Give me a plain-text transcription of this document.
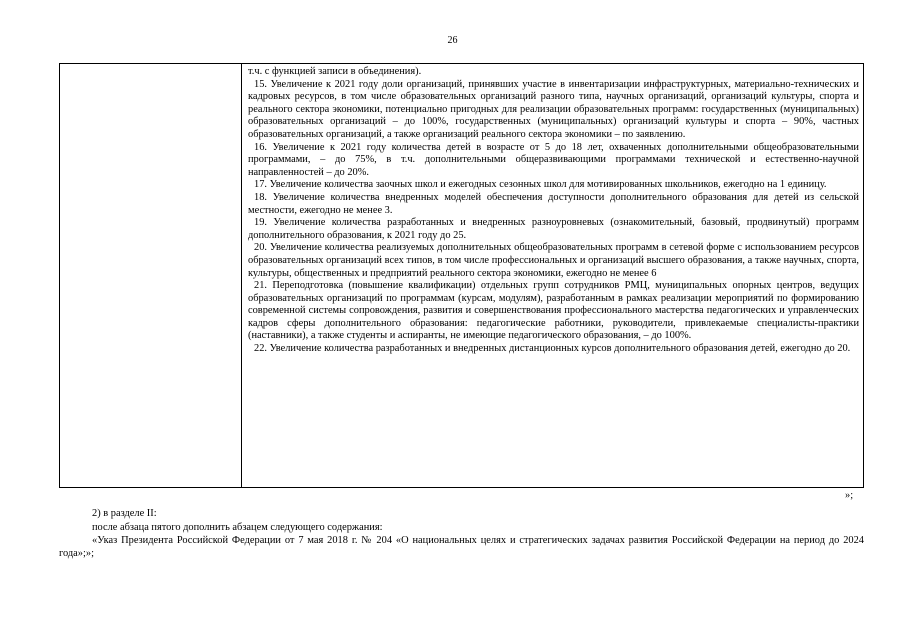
26

т.ч. с функцией записи в объединения).

15. Увеличение к 2021 году доли организаций, принявших участие в инвентаризации инфраструктурных, материально-технических и кадровых ресурсов, в том числе образовательных организаций разного типа, научных организаций, организаций культуры, спорта и реального сектора экономики, потенциально пригодных для реализации образовательных программ: государственных (муниципальных) образовательных организаций – до 100%, государственных (муниципальных) организаций культуры и спорта – 90%, частных образовательных организаций, а также организаций реального сектора экономики – по заявлению.

16. Увеличение к 2021 году количества детей в возрасте от 5 до 18 лет, охваченных дополнительными общеобразовательными программами, – до 75%, в т.ч. дополнительными общеразвивающими программами технической и естественно-научной направленностей – до 20%.

17. Увеличение количества заочных школ и ежегодных сезонных школ для мотивированных школьников, ежегодно на 1 единицу.

18. Увеличение количества внедренных моделей обеспечения доступности дополнительного образования для детей из сельской местности, ежегодно не менее 3.

19. Увеличение количества разработанных и внедренных разноуровневых (ознакомительный, базовый, продвинутый) программ дополнительного образования, к 2021 году до 25.

20. Увеличение количества реализуемых дополнительных общеобразовательных программ в сетевой форме с использованием ресурсов образовательных организаций всех типов, в том числе профессиональных и организаций высшего образования, а также научных, спорта, культуры, общественных и предприятий реального сектора экономики, ежегодно не менее 6

21. Переподготовка (повышение квалификации) отдельных групп сотрудников РМЦ, муниципальных опорных центров, ведущих образовательных организаций по программам (курсам, модулям), разработанным в рамках реализации мероприятий по формированию современной системы сопровождения, развития и совершенствования профессионального мастерства педагогических и управленческих кадров сферы дополнительного образования: педагогические работники, руководители, привлекаемые специалисты-практики (наставники), а также студенты и аспиранты, не имеющие педагогического образования, – до 100%.

22. Увеличение количества разработанных и внедренных дистанционных курсов дополнительного образования детей, ежегодно до 20.

»;

2) в разделе II:

после абзаца пятого дополнить абзацем следующего содержания:

«Указ Президента Российской Федерации от 7 мая 2018 г. № 204 «О национальных целях и стратегических задачах развития Российской Федерации на период до 2024 года»;»;
